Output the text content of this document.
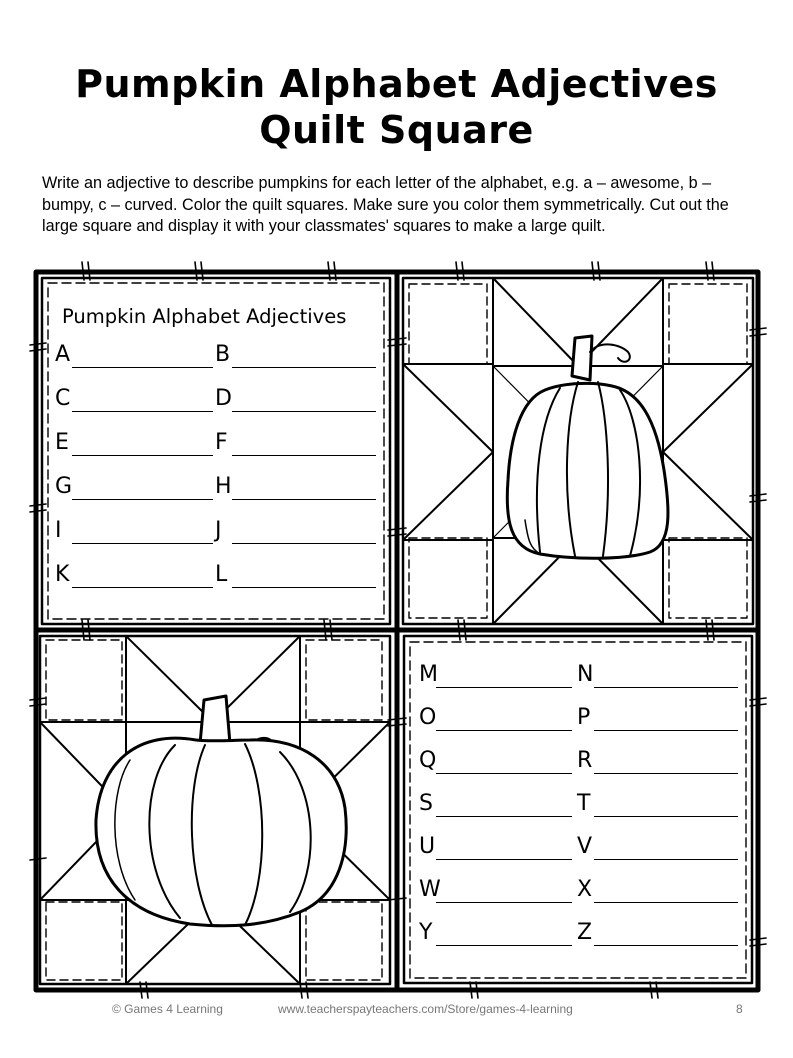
Pumpkin Alphabet Adjectives
Quilt Square
Write an adjective to describe pumpkins for each letter of the alphabet, e.g. a – awesome, b – bumpy, c – curved. Color the quilt squares. Make sure you color them symmetrically. Cut out the large square and display it with your classmates' squares to make a large quilt.
Pumpkin Alphabet Adjectives
A	B
C	D
E	F
G	H
I	J
K	L
M	N
O	P
Q	R
S	T
U	V
W	X
Y	Z
© Games 4 Learning	www.teacherspayteachers.com/Store/games-4-learning	8
